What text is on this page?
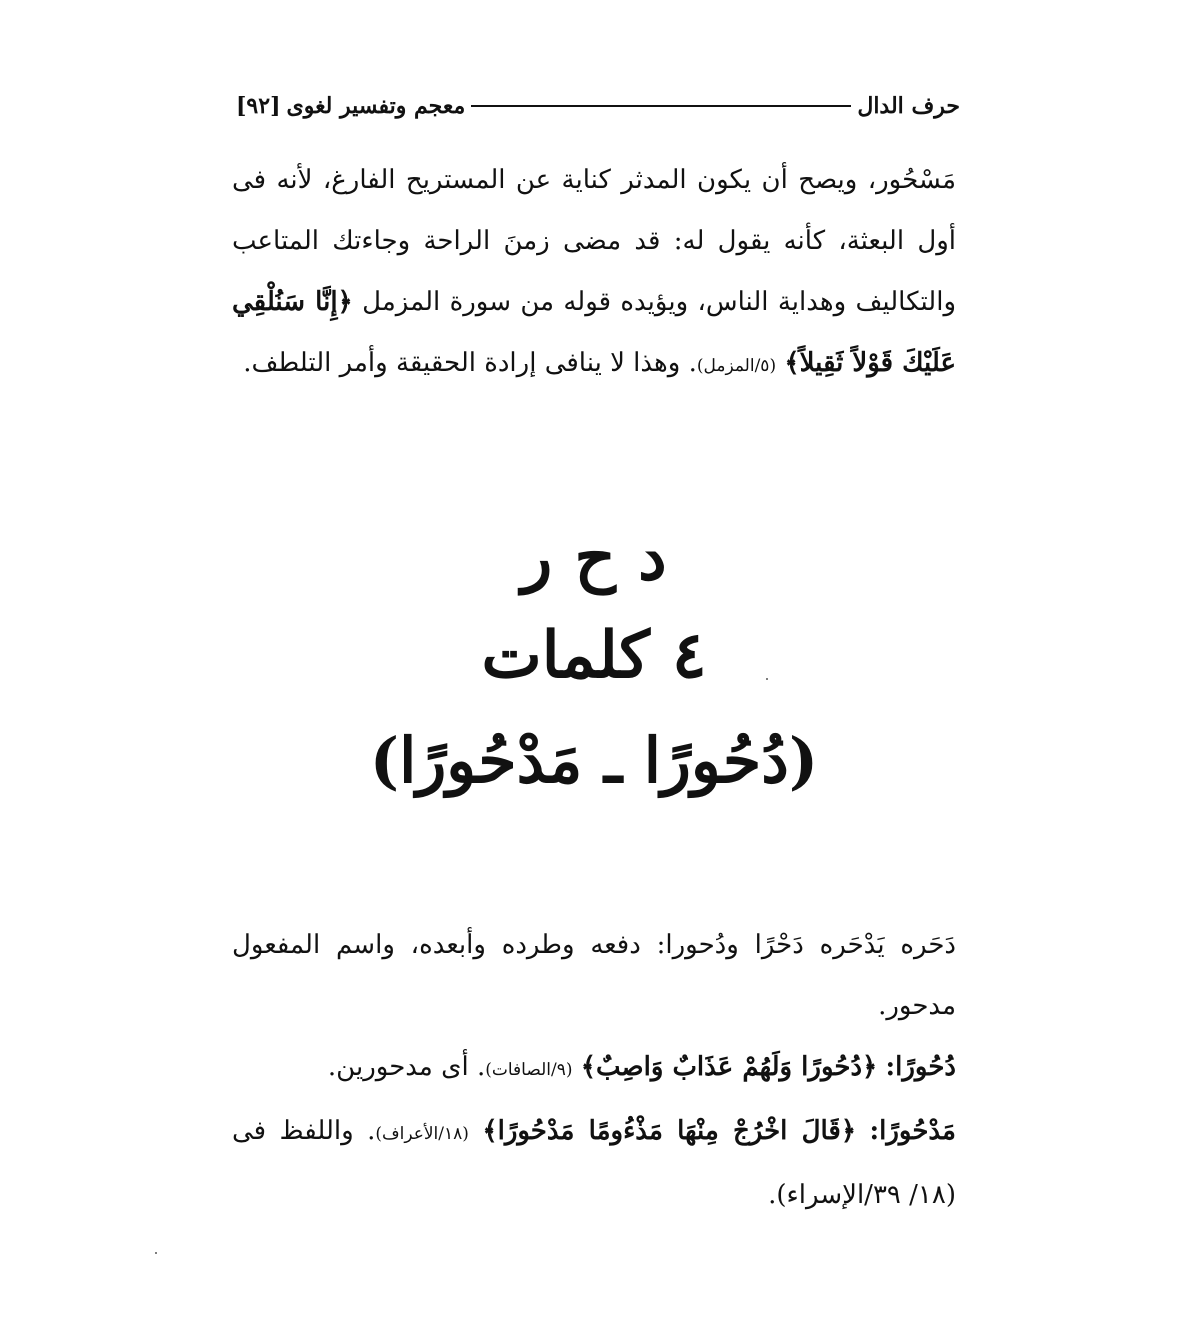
[٩٢] معجم وتفسير لغوى	حرف الدال
مَسْحُور، ويصح أن يكون المدثر كناية عن المستريح الفارغ، لأنه فى أول البعثة، كأنه يقول له: قد مضى زمنَ الراحة وجاءتك المتاعب والتكاليف وهداية الناس، ويؤيده قوله من سورة المزمل ﴿إِنَّا سَنُلْقِي عَلَيْكَ قَوْلاً ثَقِيلاً﴾ (٥/المزمل). وهذا لا ينافى إرادة الحقيقة وأمر التلطف.
د ح ر
٤ كلمات
(دُحُورًا ـ مَدْحُورًا)
دَحَره يَدْحَره دَحْرًا ودُحورا: دفعه وطرده وأبعده، واسم المفعول مدحور.
دُحُورًا: ﴿دُحُورًا وَلَهُمْ عَذَابٌ وَاصِبٌ﴾ (٩/الصافات). أى مدحورين.
مَدْحُورًا: ﴿قَالَ اخْرُجْ مِنْهَا مَذْءُومًا مَدْحُورًا﴾ (١٨/الأعراف). واللفظ فى (١٨/ ٣٩/الإسراء).
